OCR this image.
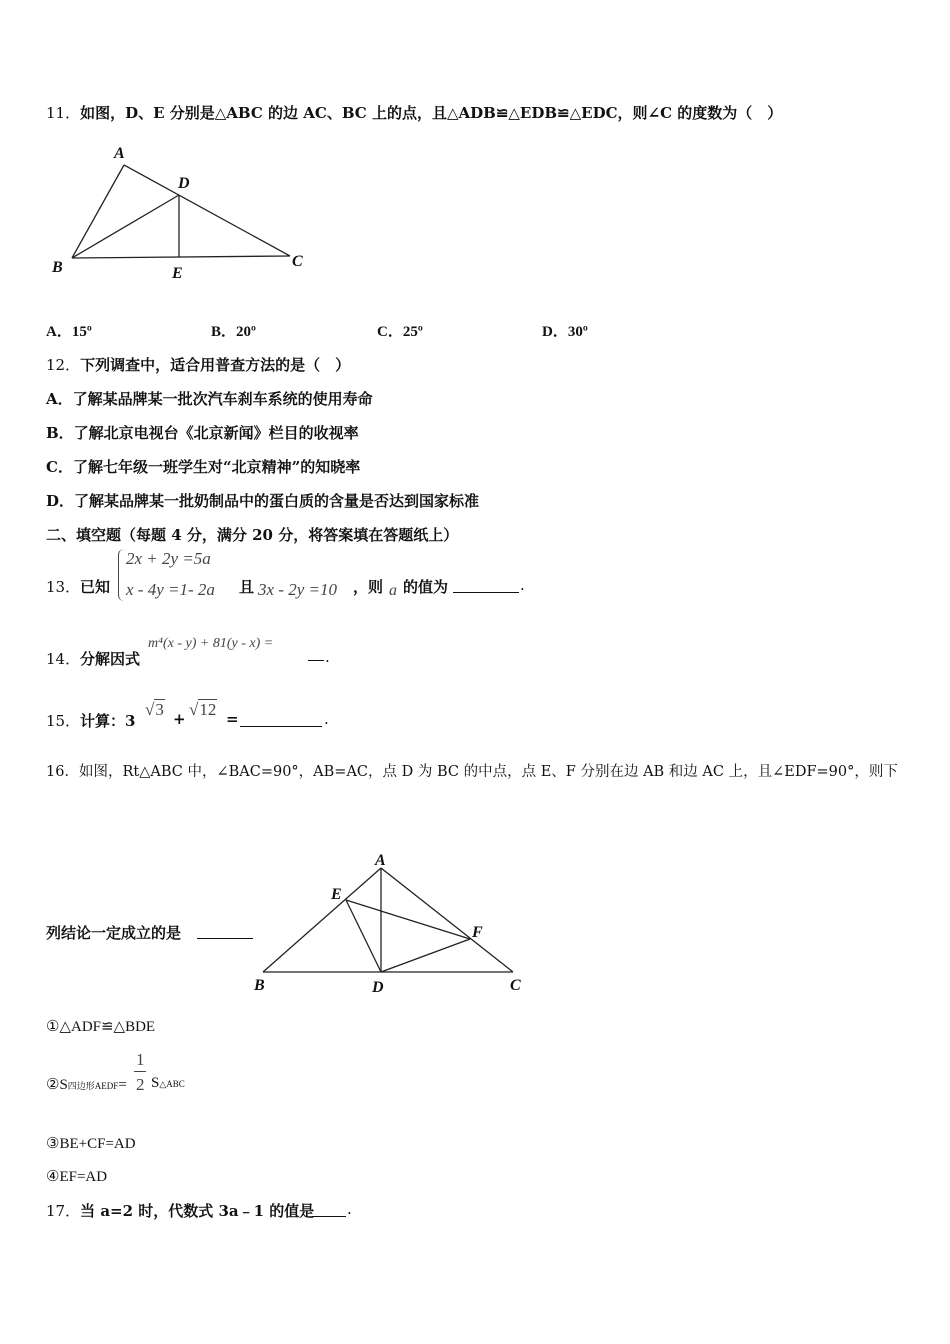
11．如图，D、E 分别是△ABC 的边 AC、BC 上的点，且△ADB≌△EDB≌△EDC，则∠C 的度数为（　）
A
D
B	E
C
A．15º	B．20º	C．25º	D．30º
12．下列调查中，适合用普查方法的是（　）
A．了解某品牌某一批次汽车刹车系统的使用寿命
B．了解北京电视台《北京新闻》栏目的收视率
C．了解七年级一班学生对“北京精神”的知晓率
D．了解某品牌某一批奶制品中的蛋白质的含量是否达到国家标准
二、填空题（每题 4 分，满分 20 分，将答案填在答题纸上）
13． 已知
2x + 2y =5a
x - 4y =1- 2a 且 3x - 2y =10 ，则 a 的值为	.
14． 分解因式
m⁴(x - y) + 81(y - x) =
.
15． 计算：3
√3 + √12 =	.
16．如图，Rt△ABC 中，∠BAC=90°，AB=AC，点 D 为 BC 的中点，点 E、F 分别在边 AB 和边 AC 上，且∠EDF=90°，则下
A
E
F
B	D	C
列结论一定成立的是
①△ADF≌△BDE
②S四边形AEDF=
1
2 S△ABC
③BE+CF=AD
④EF=AD
17．当 a=2 时，代数式 3a﹣1 的值是 .
